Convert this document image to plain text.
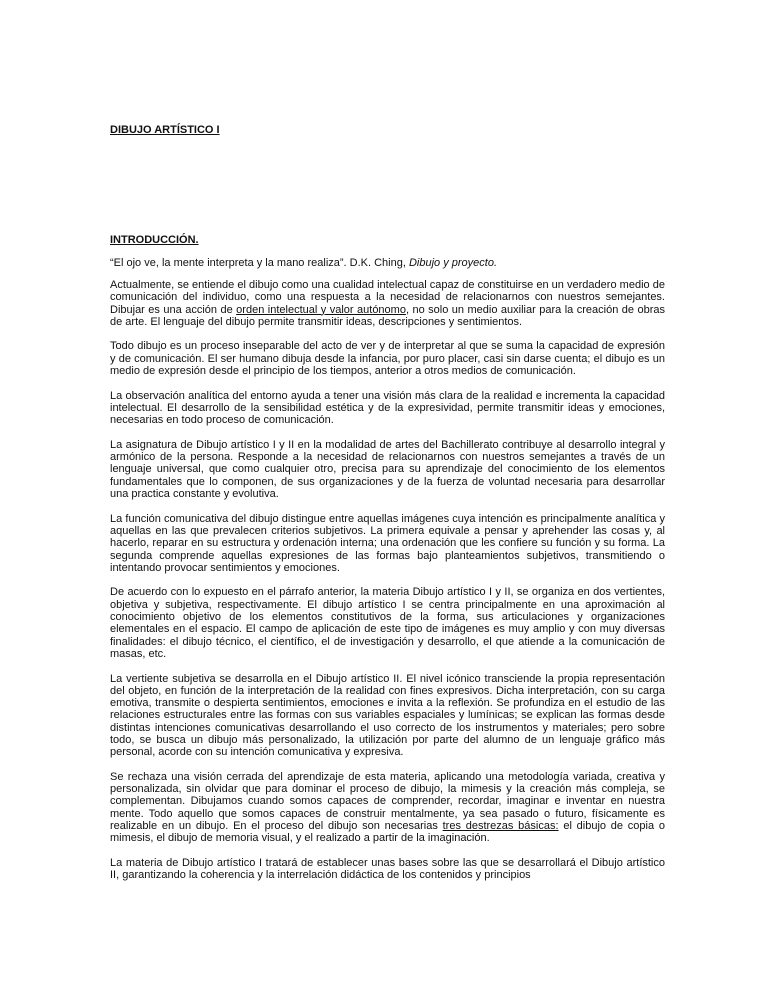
DIBUJO ARTÍSTICO I

INTRODUCCIÓN.

“El ojo ve, la mente interpreta y la mano realiza”. D.K. Ching, Dibujo y proyecto.

Actualmente, se entiende el dibujo como una cualidad intelectual capaz de constituirse en un verdadero medio de comunicación del individuo, como una respuesta a la necesidad de relacionarnos con nuestros semejantes. Dibujar es una acción de orden intelectual y valor autónomo, no solo un medio auxiliar para la creación de obras de arte. El lenguaje del dibujo permite transmitir ideas, descripciones y sentimientos.

Todo dibujo es un proceso inseparable del acto de ver y de interpretar al que se suma la capacidad de expresión y de comunicación. El ser humano dibuja desde la infancia, por puro placer, casi sin darse cuenta; el dibujo es un medio de expresión desde el principio de los tiempos, anterior a otros medios de comunicación.

La observación analítica del entorno ayuda a tener una visión más clara de la realidad e incrementa la capacidad intelectual. El desarrollo de la sensibilidad estética y de la expresividad, permite transmitir ideas y emociones, necesarias en todo proceso de comunicación.

La asignatura de Dibujo artístico I y II en la modalidad de artes del Bachillerato contribuye al desarrollo integral y armónico de la persona. Responde a la necesidad de relacionarnos con nuestros semejantes a través de un lenguaje universal, que como cualquier otro, precisa para su aprendizaje del conocimiento de los elementos fundamentales que lo componen, de sus organizaciones y de la fuerza de voluntad necesaria para desarrollar una practica constante y evolutiva.

La función comunicativa del dibujo distingue entre aquellas imágenes cuya intención es principalmente analítica y aquellas en las que prevalecen criterios subjetivos. La primera equivale a pensar y aprehender las cosas y, al hacerlo, reparar en su estructura y ordenación interna; una ordenación que les confiere su función y su forma. La segunda comprende aquellas expresiones de las formas bajo planteamientos subjetivos, transmitiendo o intentando provocar sentimientos y emociones.

De acuerdo con lo expuesto en el párrafo anterior, la materia Dibujo artístico I y II, se organiza en dos vertientes, objetiva y subjetiva, respectivamente. El dibujo artístico I se centra principalmente en una aproximación al conocimiento objetivo de los elementos constitutivos de la forma, sus articulaciones y organizaciones elementales en el espacio. El campo de aplicación de este tipo de imágenes es muy amplio y con muy diversas finalidades: el dibujo técnico, el científico, el de investigación y desarrollo, el que atiende a la comunicación de masas, etc.

La vertiente subjetiva se desarrolla en el Dibujo artístico II. El nivel icónico transciende la propia representación del objeto, en función de la interpretación de la realidad con fines expresivos. Dicha interpretación, con su carga emotiva, transmite o despierta sentimientos, emociones e invita a la reflexión. Se profundiza en el estudio de las relaciones estructurales entre las formas con sus variables espaciales y lumínicas; se explican las formas desde distintas intenciones comunicativas desarrollando el uso correcto de los instrumentos y materiales; pero sobre todo, se busca un dibujo más personalizado, la utilización por parte del alumno de un lenguaje gráfico más personal, acorde con su intención comunicativa y expresiva.

Se rechaza una visión cerrada del aprendizaje de esta materia, aplicando una metodología variada, creativa y personalizada, sin olvidar que para dominar el proceso de dibujo, la mimesis y la creación más compleja, se complementan. Dibujamos cuando somos capaces de comprender, recordar, imaginar e inventar en nuestra mente. Todo aquello que somos capaces de construir mentalmente, ya sea pasado o futuro, físicamente es realizable en un dibujo. En el proceso del dibujo son necesarias tres destrezas básicas: el dibujo de copia o mimesis, el dibujo de memoria visual, y el realizado a partir de la imaginación.

La materia de Dibujo artístico I tratará de establecer unas bases sobre las que se desarrollará el Dibujo artístico II, garantizando la coherencia y la interrelación didáctica de los contenidos y principios
